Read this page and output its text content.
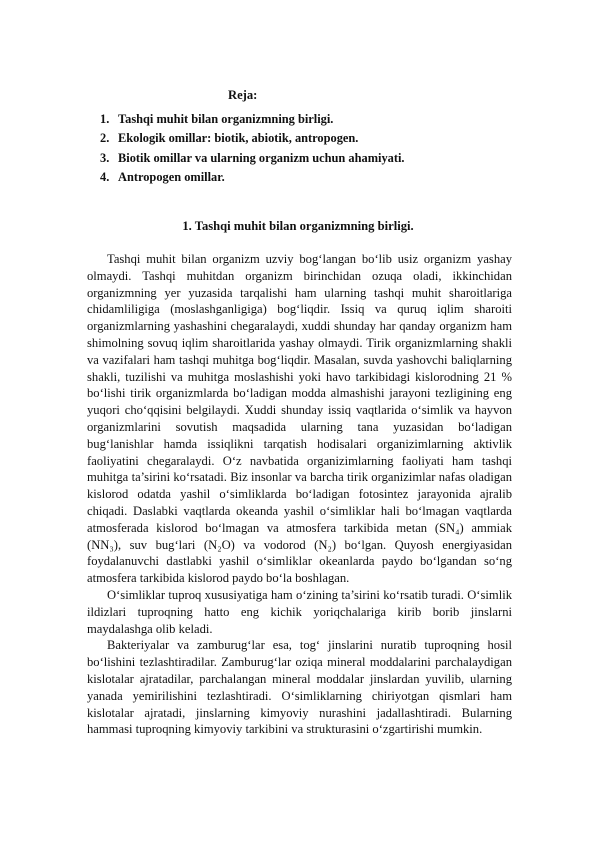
Reja:

1. Tashqi muhit bilan organizmning birligi.
2. Ekologik omillar: biotik, abiotik, antropogen.
3. Biotik omillar va ularning organizm uchun ahamiyati.
4. Antropogen omillar.
1. Tashqi muhit bilan organizmning birligi.

Tashqi muhit bilan organizm uzviy bog‘langan bo‘lib usiz organizm yashay olmaydi. Tashqi muhitdan organizm birinchidan ozuqa oladi, ikkinchidan organizmning yer yuzasida tarqalishi ham ularning tashqi muhit sharoitlariga chidamliligiga (moslashganligiga) bog‘liqdir. Issiq va quruq iqlim sharoiti organizmlarning yashashini chegaralaydi, xuddi shunday har qanday organizm ham shimolning sovuq iqlim sharoitlarida yashay olmaydi. Tirik organizmlarning shakli va vazifalari ham tashqi muhitga bog‘liqdir. Masalan, suvda yashovchi baliqlarning shakli, tuzilishi va muhitga moslashishi yoki havo tarkibidagi kislorodning 21 % bo‘lishi tirik organizmlarda bo‘ladigan modda almashishi jarayoni tezligining eng yuqori cho‘qqisini belgilaydi. Xuddi shunday issiq vaqtlarida o‘simlik va hayvon organizmlarini sovutish maqsadida ularning tana yuzasidan bo‘ladigan bug‘lanishlar hamda issiqlikni tarqatish hodisalari organizimlarning aktivlik faoliyatini chegaralaydi. O‘z navbatida organizimlarning faoliyati ham tashqi muhitga ta’sirini ko‘rsatadi. Biz insonlar va barcha tirik organizimlar nafas oladigan kislorod odatda yashil o‘simliklarda bo‘ladigan fotosintez jarayonida ajralib chiqadi. Daslabki vaqtlarda okeanda yashil o‘simliklar hali bo‘lmagan vaqtlarda atmosferada kislorod bo‘lmagan va atmosfera tarkibida metan (SN₄) ammiak (NN₃), suv bug‘lari (N₂O) va vodorod (N₂) bo‘lgan. Quyosh energiyasidan foydalanuvchi dastlabki yashil o‘simliklar okeanlarda paydo bo‘lgandan so‘ng atmosfera tarkibida kislorod paydo bo‘la boshlagan.

O‘simliklar tuproq xususiyatiga ham o‘zining ta’sirini ko‘rsatib turadi. O‘simlik ildizlari tuproqning hatto eng kichik yoriqchalariga kirib borib jinslarni maydalashga olib keladi.

Bakteriyalar va zamburug‘lar esa, tog‘ jinslarini nuratib tuproqning hosil bo‘lishini tezlashtiradilar. Zamburug‘lar oziqa mineral moddalarini parchalaydigan kislotalar ajratadilar, parchalangan mineral moddalar jinslardan yuvilib, ularning yanada yemirilishini tezlashtiradi. O‘simliklarning chiriyotgan qismlari ham kislotalar ajratadi, jinslarning kimyoviy nurashini jadallashtiradi. Bularning hammasi tuproqning kimyoviy tarkibini va strukturasini o‘zgartirishi mumkin.
